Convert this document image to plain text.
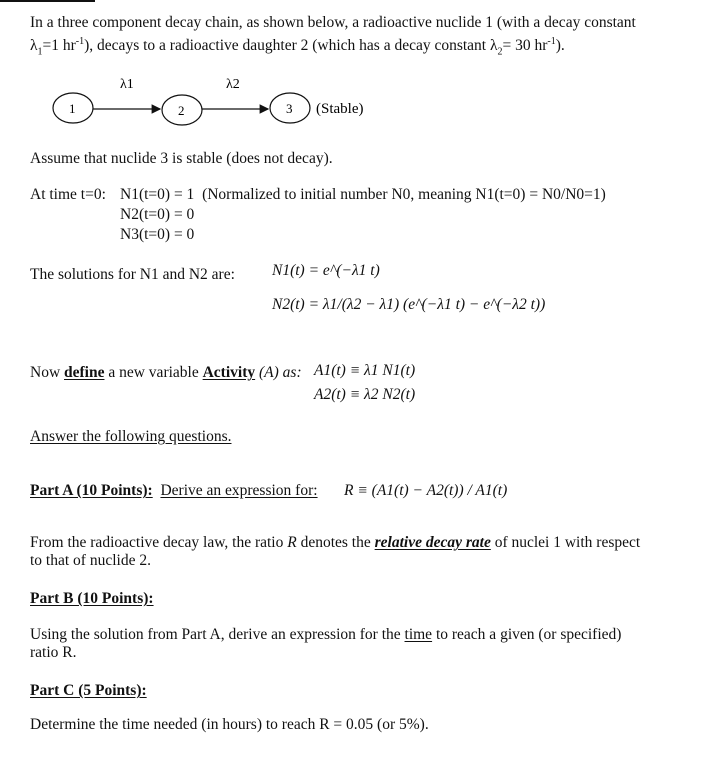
In a three component decay chain, as shown below, a radioactive nuclide 1 (with a decay constant
$\lambda_1=1$ $hr^{-1}$), decays to a radioactive daughter 2 (which has a decay constant $\lambda_2= 30$ $hr^{-1}$).
1	2	3
λ1	λ2
(Stable)
Assume that nuclide 3 is stable (does not decay).
At time t=0: N1(t=0) = 1 (Normalized to initial number N0, meaning N1(t=0) = N0/N0=1)
N2(t=0) = 0
N3(t=0) = 0
The solutions for N1 and N2 are: N1(t) = e^(−λ1 t)
N2(t) = λ1/(λ2 − λ1) (e^(−λ1 t) − e^(−λ2 t))
Now define a new variable Activity (A) as: A1(t) ≡ λ1 N1(t)
A2(t) ≡ λ2 N2(t)
Answer the following questions.
Part A (10 Points): Derive an expression for: R ≡ (A1(t) − A2(t)) / A1(t)
From the radioactive decay law, the ratio R denotes the relative decay rate of nuclei 1 with respect
to that of nuclide 2.
Part B (10 Points):
Using the solution from Part A, derive an expression for the time to reach a given (or specified)
ratio R.
Part C (5 Points):
Determine the time needed (in hours) to reach R = 0.05 (or 5%).
